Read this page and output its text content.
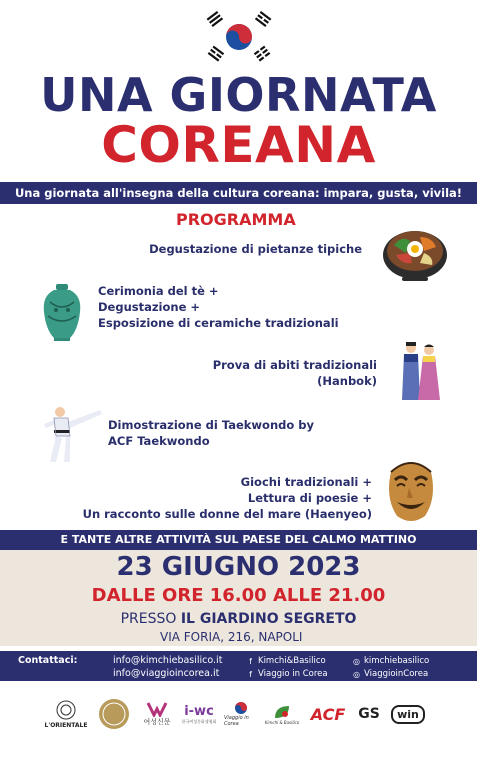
UNA GIORNATA
COREANA
Una giornata all'insegna della cultura coreana: impara, gusta, vivila!
PROGRAMMA
Degustazione di pietanze tipiche
Cerimonia del tè +
Degustazione +
Esposizione di ceramiche tradizionali
Prova di abiti tradizionali
(Hanbok)
Dimostrazione di Taekwondo by
ACF Taekwondo
Giochi tradizionali +
Lettura di poesie +
Un racconto sulle donne del mare (Haenyeo)
E TANTE ALTRE ATTIVITÀ SUL PAESE DEL CALMO MATTINO
23 GIUGNO 2023
DALLE ORE 16.00 ALLE 21.00
PRESSO IL GIARDINO SEGRETO
VIA FORIA, 216, NAPOLI
Contattaci:	info@kimchiebasilico.it
info@viaggioincorea.it
f Kimchi&Basilico
f Viaggio in Corea
◎ kimchiebasilico
◎ ViaggioinCorea
L'ORIENTALE	여성신문
i-wc
한국여성문화생협회 Viaggio in Corea	Kimchi & Basilico ACF GS	win
